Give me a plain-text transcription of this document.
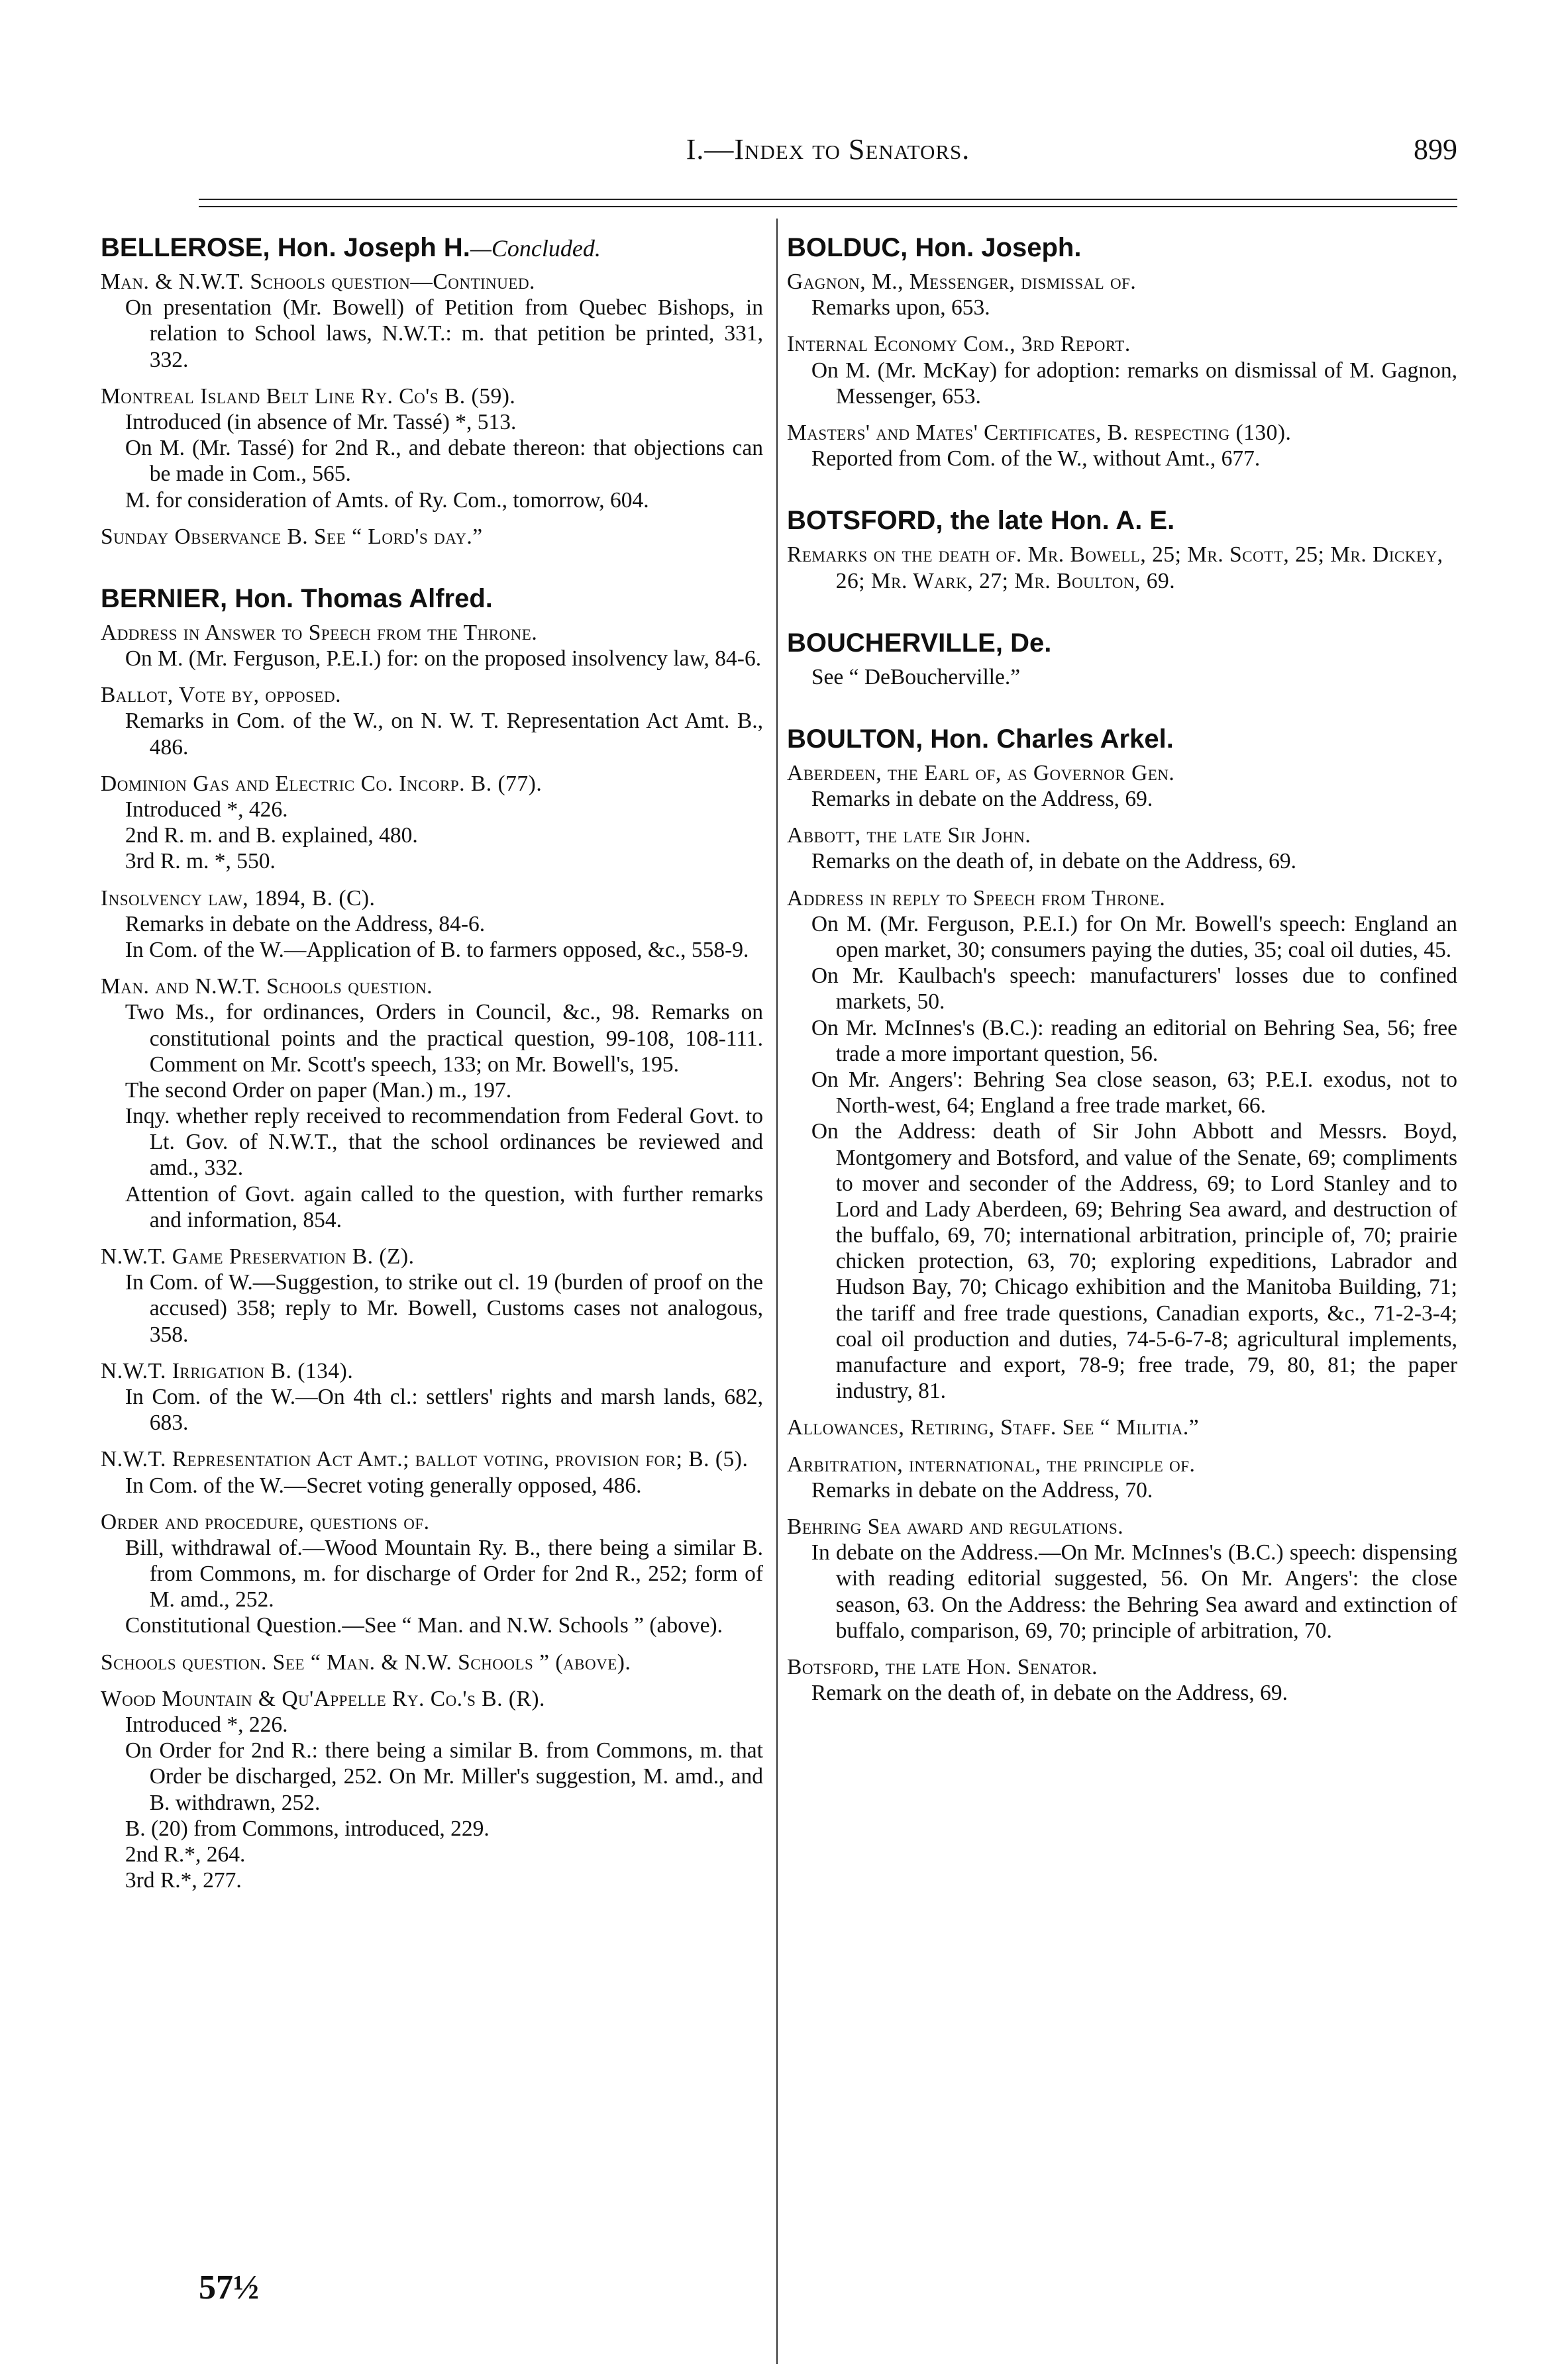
I.—Index to Senators.	899
BELLEROSE, Hon. Joseph H.—Concluded.
Man. & N.W.T. Schools question—Continued.
On presentation (Mr. Bowell) of Petition from Quebec Bishops, in relation to School laws, N.W.T.: m. that petition be printed, 331, 332.
Montreal Island Belt Line Ry. Co's B. (59).
Introduced (in absence of Mr. Tassé) *, 513.
On M. (Mr. Tassé) for 2nd R., and debate thereon: that objections can be made in Com., 565.
M. for consideration of Amts. of Ry. Com., tomorrow, 604.
Sunday Observance B. See “ Lord's day.”
BERNIER, Hon. Thomas Alfred.
Address in Answer to Speech from the Throne.
On M. (Mr. Ferguson, P.E.I.) for: on the proposed insolvency law, 84-6.
Ballot, Vote by, opposed.
Remarks in Com. of the W., on N. W. T. Representation Act Amt. B., 486.
Dominion Gas and Electric Co. Incorp. B. (77).
Introduced *, 426.
2nd R. m. and B. explained, 480.
3rd R. m. *, 550.
Insolvency law, 1894, B. (C).
Remarks in debate on the Address, 84-6.
In Com. of the W.—Application of B. to farmers opposed, &c., 558-9.
Man. and N.W.T. Schools question.
Two Ms., for ordinances, Orders in Council, &c., 98. Remarks on constitutional points and the practical question, 99-108, 108-111. Comment on Mr. Scott's speech, 133; on Mr. Bowell's, 195.
The second Order on paper (Man.) m., 197.
Inqy. whether reply received to recommendation from Federal Govt. to Lt. Gov. of N.W.T., that the school ordinances be reviewed and amd., 332.
Attention of Govt. again called to the question, with further remarks and information, 854.
N.W.T. Game Preservation B. (Z).
In Com. of W.—Suggestion, to strike out cl. 19 (burden of proof on the accused) 358; reply to Mr. Bowell, Customs cases not analogous, 358.
N.W.T. Irrigation B. (134).
In Com. of the W.—On 4th cl.: settlers' rights and marsh lands, 682, 683.
N.W.T. Representation Act Amt.; ballot voting, provision for; B. (5).
In Com. of the W.—Secret voting generally opposed, 486.
Order and procedure, questions of.
Bill, withdrawal of.—Wood Mountain Ry. B., there being a similar B. from Commons, m. for discharge of Order for 2nd R., 252; form of M. amd., 252.
Constitutional Question.—See “ Man. and N.W. Schools ” (above).
Schools question. See “ Man. & N.W. Schools ” (above).
Wood Mountain & Qu'Appelle Ry. Co.'s B. (R).
Introduced *, 226.
On Order for 2nd R.: there being a similar B. from Commons, m. that Order be discharged, 252. On Mr. Miller's suggestion, M. amd., and B. withdrawn, 252.
B. (20) from Commons, introduced, 229.
2nd R.*, 264.
3rd R.*, 277.
BOLDUC, Hon. Joseph.
Gagnon, M., Messenger, dismissal of.
Remarks upon, 653.
Internal Economy Com., 3rd Report.
On M. (Mr. McKay) for adoption: remarks on dismissal of M. Gagnon, Messenger, 653.
Masters' and Mates' Certificates, B. respecting (130).
Reported from Com. of the W., without Amt., 677.
BOTSFORD, the late Hon. A. E.
Remarks on the death of. Mr. Bowell, 25; Mr. Scott, 25; Mr. Dickey, 26; Mr. Wark, 27; Mr. Boulton, 69.
BOUCHERVILLE, De.
See “ DeBoucherville.”
BOULTON, Hon. Charles Arkel.
Aberdeen, the Earl of, as Governor Gen.
Remarks in debate on the Address, 69.
Abbott, the late Sir John.
Remarks on the death of, in debate on the Address, 69.
Address in reply to Speech from Throne.
On M. (Mr. Ferguson, P.E.I.) for On Mr. Bowell's speech: England an open market, 30; consumers paying the duties, 35; coal oil duties, 45.
On Mr. Kaulbach's speech: manufacturers' losses due to confined markets, 50.
On Mr. McInnes's (B.C.): reading an editorial on Behring Sea, 56; free trade a more important question, 56.
On Mr. Angers': Behring Sea close season, 63; P.E.I. exodus, not to North-west, 64; England a free trade market, 66.
On the Address: death of Sir John Abbott and Messrs. Boyd, Montgomery and Botsford, and value of the Senate, 69; compliments to mover and seconder of the Address, 69; to Lord Stanley and to Lord and Lady Aberdeen, 69; Behring Sea award, and destruction of the buffalo, 69, 70; international arbitration, principle of, 70; prairie chicken protection, 63, 70; exploring expeditions, Labrador and Hudson Bay, 70; Chicago exhibition and the Manitoba Building, 71; the tariff and free trade questions, Canadian exports, &c., 71-2-3-4; coal oil production and duties, 74-5-6-7-8; agricultural implements, manufacture and export, 78-9; free trade, 79, 80, 81; the paper industry, 81.
Allowances, Retiring, Staff. See “ Militia.”
Arbitration, international, the principle of.
Remarks in debate on the Address, 70.
Behring Sea award and regulations.
In debate on the Address.—On Mr. McInnes's (B.C.) speech: dispensing with reading editorial suggested, 56. On Mr. Angers': the close season, 63. On the Address: the Behring Sea award and extinction of buffalo, comparison, 69, 70; principle of arbitration, 70.
Botsford, the late Hon. Senator.
Remark on the death of, in debate on the Address, 69.
57½
